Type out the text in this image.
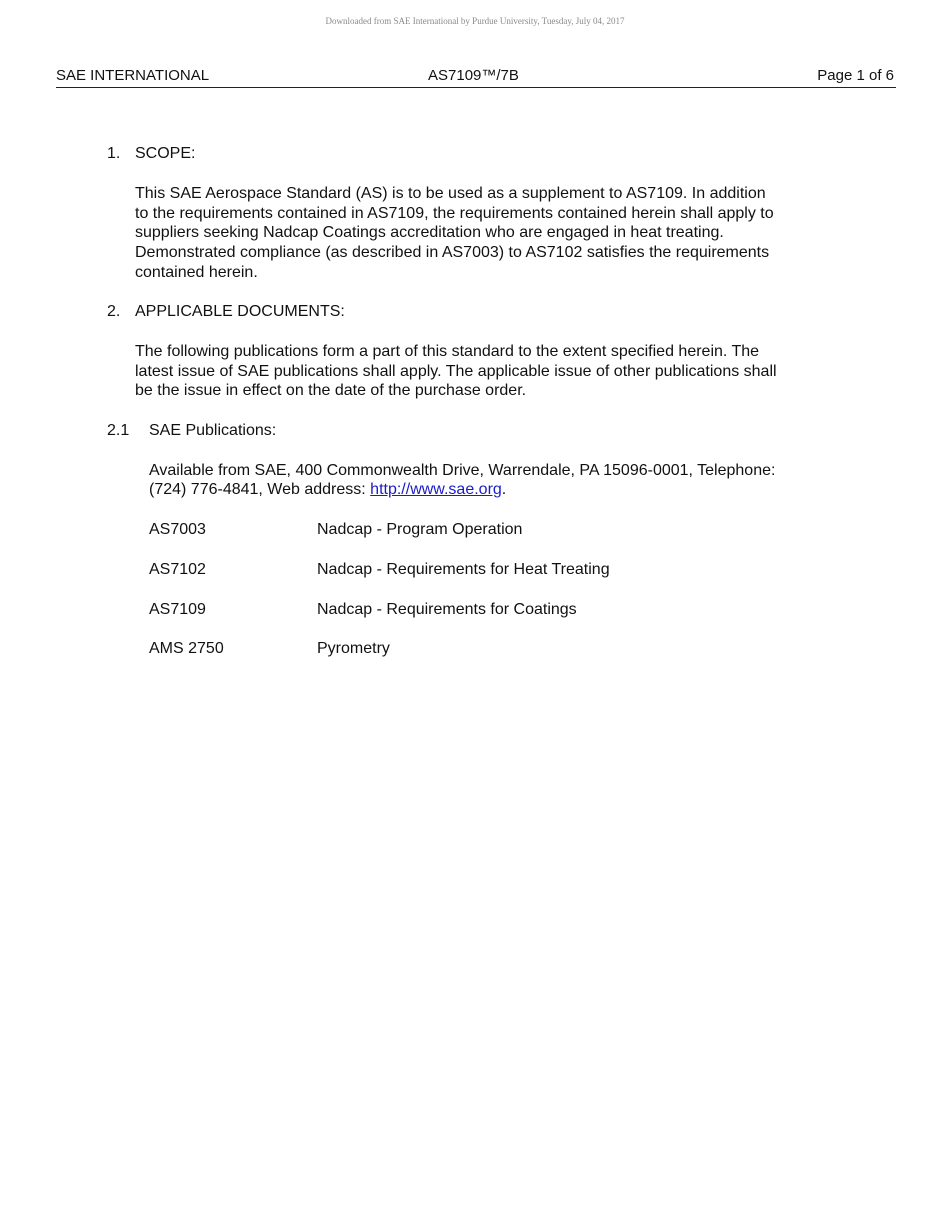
Downloaded from SAE International by Purdue University, Tuesday, July 04, 2017
SAE INTERNATIONAL	AS7109™/7B	Page 1 of 6
1. SCOPE:
This SAE Aerospace Standard (AS) is to be used as a supplement to AS7109. In addition
to the requirements contained in AS7109, the requirements contained herein shall apply to
suppliers seeking Nadcap Coatings accreditation who are engaged in heat treating.
Demonstrated compliance (as described in AS7003) to AS7102 satisfies the requirements
contained herein.
2. APPLICABLE DOCUMENTS:
The following publications form a part of this standard to the extent specified herein. The
latest issue of SAE publications shall apply. The applicable issue of other publications shall
be the issue in effect on the date of the purchase order.
2.1 SAE Publications:
Available from SAE, 400 Commonwealth Drive, Warrendale, PA 15096-0001, Telephone:
(724) 776-4841, Web address: http://www.sae.org.
AS7003	Nadcap - Program Operation
AS7102	Nadcap - Requirements for Heat Treating
AS7109	Nadcap - Requirements for Coatings
AMS 2750	Pyrometry
